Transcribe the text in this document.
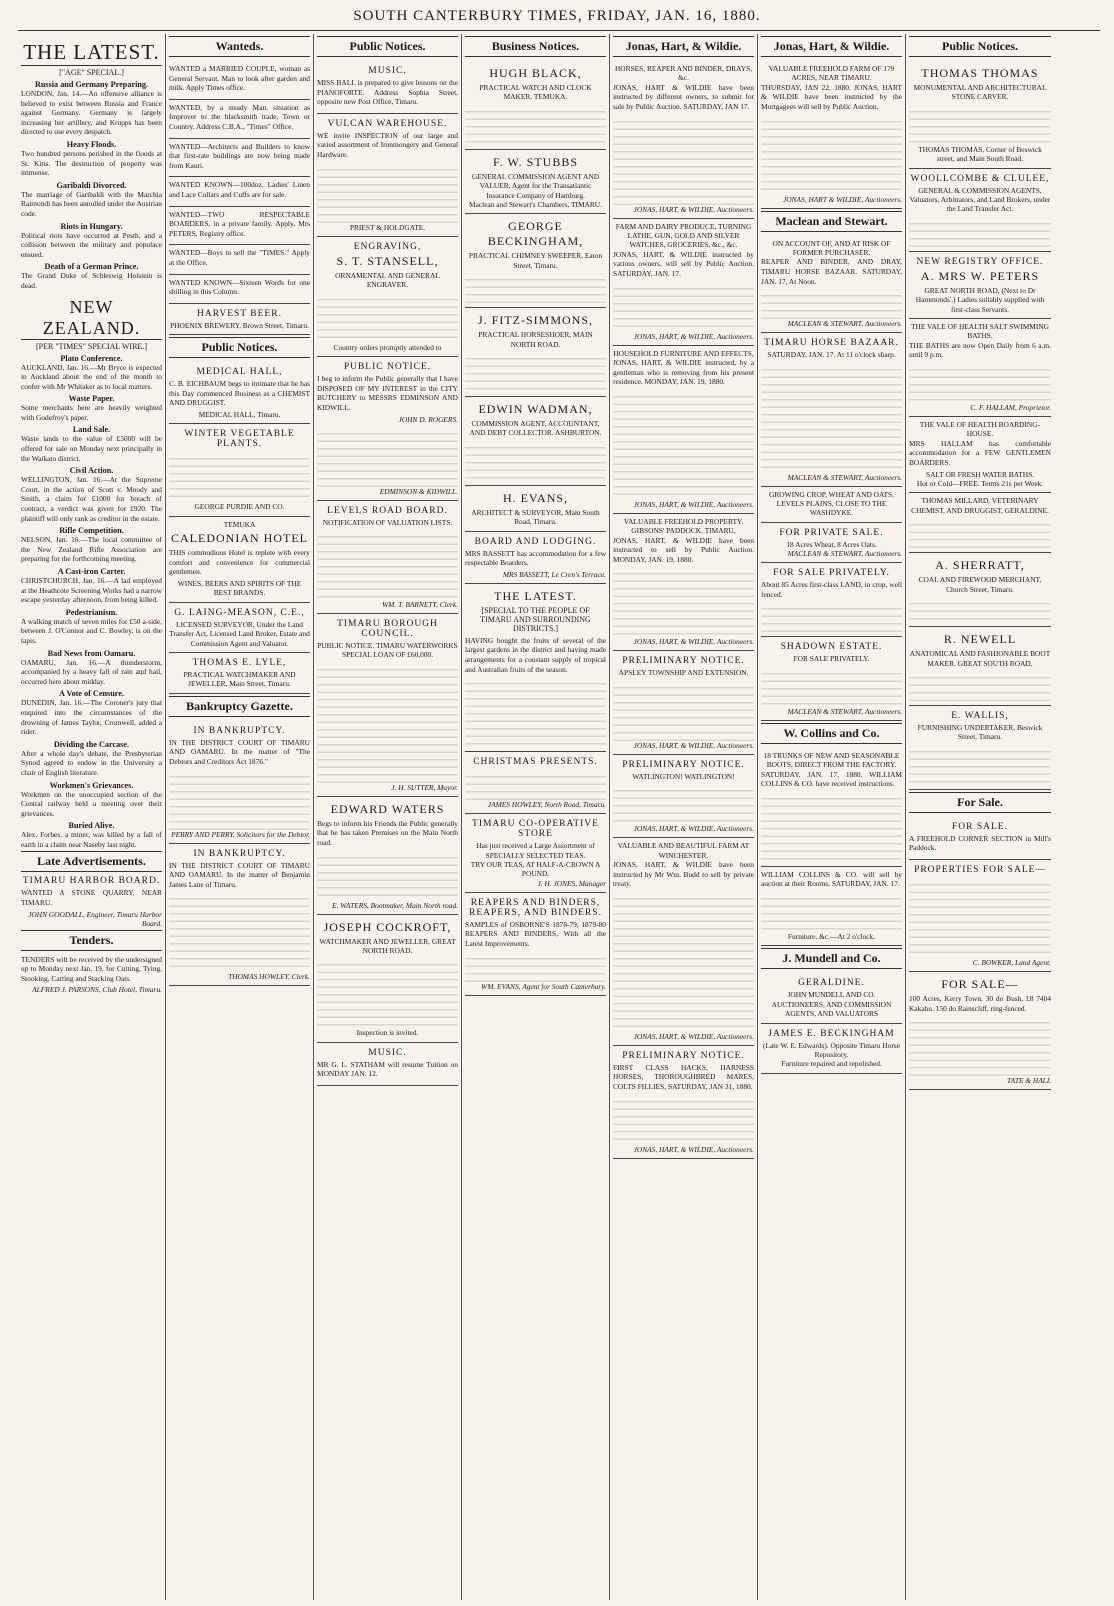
SOUTH CANTERBURY TIMES, FRIDAY, JAN. 16, 1880.
THE LATEST.
["AGE" SPECIAL.]
Russia and Germany Preparing.
LONDON, Jan. 14.—An offensive alliance is believed to exist between Russia and France against Germany. Germany is largely increasing her artillery, and Krupps has been directed to use every despatch.
Heavy Floods.
Two hundred persons perished in the floods at St. Kitts. The destruction of property was immense.
Garibaldi Divorced.
The marriage of Garibaldi with the Marchia Raimondi has been annulled under the Austrian code.
Riots in Hungary.
Political riots have occurred at Pesth, and a collision between the military and populace ensued.
Death of a German Prince.
The Grand Duke of Schleswig Holstein is dead.
NEW ZEALAND.
[PER "TIMES" SPECIAL WIRE.]
Plato Conference.
AUCKLAND, Jan. 16.—Mr Bryce is expected in Auckland about the end of the month to confer with Mr Whitaker as to local matters.
Waste Paper.
Some merchants here are heavily weighted with Godefroy's paper.
Land Sale.
Waste lands to the value of £5000 will be offered for sale on Monday next principally in the Waikato district.
Civil Action.
WELLINGTON, Jan. 16.—At the Supreme Court, in the action of Scott v. Moody and Smith, a claim for £1000 for breach of contract, a verdict was given for £920. The plaintiff will only rank as creditor in the estate.
Rifle Competition.
NELSON, Jan. 16.—The local committee of the New Zealand Rifle Association are preparing for the forthcoming meeting.
A Cast-iron Carter.
CHRISTCHURCH, Jan. 16.—A lad employed at the Heathcote Screening Works had a narrow escape yesterday afternoon, from being killed.
Pedestrianism.
A walking match of seven miles for £50 a-side, between J. O'Connor and C. Bowley, is on the tapis.
Bad News from Oamaru.
OAMARU, Jan. 16.—A thunderstorm, accompanied by a heavy fall of rain and hail, occurred here about midday.
A Vote of Censure.
DUNEDIN, Jan. 16.—The Coroner's jury that enquired into the circumstances of the drowning of James Taylor, Cromwell, added a rider.
Dividing the Carcase.
After a whole day's debate, the Presbyterian Synod agreed to endow in the University a chair of English literature.
Workmen's Grievances.
Workmen on the unoccupied section of the Central railway held a meeting over their grievances.
Buried Alive.
Alex. Forbes, a miner, was killed by a fall of earth in a claim near Naseby last night.
Late Advertisements.
TIMARU HARBOR BOARD.
WANTED A STONE QUARRY, NEAR TIMARU.
JOHN GOODALL, Engineer, Timaru Harbor Board.
Tenders.
TENDERS will be received by the undersigned up to Monday next Jan. 19, for Cutting, Tying, Stooking, Carting and Stacking Oats.
ALFRED J. PARSONS, Club Hotel, Timaru.
Wanteds.
WANTED a MARRIED COUPLE, woman as General Servant. Man to look after garden and milk. Apply Times office.
WANTED, by a steady Man, situation as Improver to the blacksmith trade, Town or Country. Address C.B.A., "Times" Office.
WANTED—Architects and Builders to know that first-rate buildings are now being made from Kauri.
WANTED KNOWN—100doz. Ladies' Linen and Lace Collars and Cuffs are for sale.
WANTED—TWO RESPECTABLE BOARDERS, in a private family. Apply, Mrs PETERS, Registry office.
WANTED—Boys to sell the "TIMES." Apply at the Office.
WANTED KNOWN—Sixteen Words for one shilling in this Column.
HARVEST BEER.
PHOENIX BREWERY, Brown Street, Timaru.
Public Notices.
MEDICAL HALL,
C. B. EICHBAUM begs to intimate that he has this Day commenced Business as a CHEMIST AND DRUGGIST.
MEDICAL HALL, Timaru.
WINTER VEGETABLE PLANTS.
GEORGE PURDIE AND CO.
TEMUKA
CALEDONIAN HOTEL
THIS commodious Hotel is replete with every comfort and convenience for commercial gentlemen.
WINES, BEERS AND SPIRITS OF THE BEST BRANDS.
G. LAING-MEASON, C.E.,
LICENSED SURVEYOR, Under the Land Transfer Act, Licensed Land Broker, Estate and Commission Agent and Valuator.
THOMAS E. LYLE,
PRACTICAL WATCHMAKER AND JEWELLER, Main Street, Timaru.
Bankruptcy Gazette.
IN BANKRUPTCY.
IN THE DISTRICT COURT OF TIMARU AND OAMARU. In the matter of "The Debtors and Creditors Act 1876."
PERRY AND PERRY, Solicitors for the Debtor.
IN BANKRUPTCY.
IN THE DISTRICT COURT OF TIMARU AND OAMARU. In the matter of Benjamin James Lane of Timaru.
THOMAS HOWLEY, Clerk.
Public Notices.
MUSIC.
MISS BALL is prepared to give lessons on the PIANOFORTE. Address Sophia Street, opposite new Post Office, Timaru.
VULCAN WAREHOUSE.
WE invite INSPECTION of our large and varied assortment of Ironmongery and General Hardware.
PRIEST & HOLDGATE.
ENGRAVING,
S. T. STANSELL,
ORNAMENTAL AND GENERAL ENGRAVER.
Country orders promptly attended to
PUBLIC NOTICE.
I beg to inform the Public generally that I have DISPOSED OF MY INTEREST in the CITY BUTCHERY to MESSRS EDMINSON AND KIDWILL.
JOHN D. ROGERS.
EDMINSON & KIDWILL.
LEVELS ROAD BOARD.
NOTIFICATION OF VALUATION LISTS.
WM. T. BARNETT, Clerk.
TIMARU BOROUGH COUNCIL.
PUBLIC NOTICE. TIMARU WATERWORKS SPECIAL LOAN OF £60,000.
J. H. SUTTER, Mayor.
EDWARD WATERS
Begs to inform his Friends the Public generally that he has taken Premises on the Main North road.
E. WATERS, Bootmaker, Main North road.
JOSEPH COCKROFT,
WATCHMAKER AND JEWELLER, GREAT NORTH ROAD.
Inspection is invited.
MUSIC.
MR G. L. STATHAM will resume Tuition on MONDAY JAN. 12.
Business Notices.
HUGH BLACK,
PRACTICAL WATCH AND CLOCK MAKER, TEMUKA.
F. W. STUBBS
GENERAL COMMISSION AGENT AND VALUER, Agent for the Transatlantic Insurance Company of Hamburg.
Maclean and Stewart's Chambers, TIMARU.
GEORGE BECKINGHAM,
PRACTICAL CHIMNEY SWEEPER, Eaton Street, Timaru.
J. FITZ-SIMMONS,
PRACTICAL HORSESHOER, MAIN NORTH ROAD.
EDWIN WADMAN,
COMMISSION AGENT, ACCOUNTANT, AND DEBT COLLECTOR. ASHBURTON.
H. EVANS,
ARCHITECT & SURVEYOR, Main South Road, Timaru.
BOARD AND LODGING.
MRS BASSETT has accommodation for a few respectable Boarders.
MRS BASSETT, Le Cren's Terrace.
THE LATEST.
[SPECIAL TO THE PEOPLE OF TIMARU AND SURROUNDING DISTRICTS.]
HAVING bought the fruits of several of the largest gardens in the district and having made arrangements for a constant supply of tropical and Australian fruits of the season.
CHRISTMAS PRESENTS.
JAMES HOWLEY, North Road, Timaru.
TIMARU CO-OPERATIVE STORE
Has just received a Large Assortment of SPECIALLY SELECTED TEAS.
TRY OUR TEAS, AT HALF-A-CROWN A POUND.
J. H. JONES, Manager
REAPERS AND BINDERS, REAPERS, AND BINDERS.
SAMPLES of OSBORNE'S 1878-79, 1879-80 REAPERS AND BINDERS, With all the Latest Improvements.
WM. EVANS, Agent for South Canterbury.
Jonas, Hart, & Wildie.
HORSES, REAPER AND BINDER, DRAYS, &c.
JONAS, HART & WILDIE have been instructed by different owners, to submit for sale by Public Auction. SATURDAY, JAN 17.
JONAS, HART, & WILDIE, Auctioneers.
FARM AND DAIRY PRODUCE, TURNING LATHE, GUN, GOLD AND SILVER WATCHES, GROCERIES, &c., &c.
JONAS, HART, & WILDIE instructed by various owners, will sell by Public Auction. SATURDAY, JAN. 17.
JONAS, HART, & WILDIE, Auctioneers.
HOUSEHOLD FURNITURE AND EFFECTS,
JONAS, HART, & WILDIE instructed, by a gentleman who is removing from his present residence. MONDAY, JAN. 19, 1880.
JONAS, HART, & WILDIE, Auctioneers.
VALUABLE FREEHOLD PROPERTY. GIBSONS' PADDOCK, TIMARU,
JONAS, HART, & WILDIE have been instructed to sell by Public Auction. MONDAY, JAN. 19, 1880.
JONAS, HART, & WILDIE, Auctioneers.
PRELIMINARY NOTICE.
APSLEY TOWNSHIP AND EXTENSION.
JONAS, HART, & WILDIE, Auctioneers.
PRELIMINARY NOTICE.
WATLINGTON! WATLINGTON!
JONAS, HART, & WILDIE, Auctioneers.
VALUABLE AND BEAUTIFUL FARM AT WINCHESTER.
JONAS, HART, & WILDIE have been instructed by Mr Wm. Budd to sell by private treaty.
JONAS, HART, & WILDIE, Auctioneers.
PRELIMINARY NOTICE.
FIRST CLASS HACKS, HARNESS HORSES, THOROUGHBRED MARES, COLTS FILLIES, SATURDAY, JAN 31, 1880.
JONAS, HART, & WILDIE, Auctioneers.
Jonas, Hart, & Wildie.
VALUABLE FREEHOLD FARM OF 179 ACRES, NEAR TIMARU.
THURSDAY, JAN 22, 1880. JONAS, HART & WILDIE have been instructed by the Mortgagees will sell by Public Auction.
JONAS, HART & WILDIE, Auctioneers.
Maclean and Stewart.
ON ACCOUNT OF, AND AT RISK OF FORMER PURCHASER.
REAPER AND BINDER, AND DRAY, TIMARU HORSE BAZAAR. SATURDAY, JAN. 17, At Noon.
MACLEAN & STEWART, Auctioneers.
TIMARU HORSE BAZAAR.
SATURDAY, JAN. 17. At 11 o'clock sharp.
MACLEAN & STEWART, Auctioneers.
GROWING CROP, WHEAT AND OATS.
LEVELS PLAINS, CLOSE TO THE WASHDYKE.
FOR PRIVATE SALE.
18 Acres Wheat, 8 Acres Oats.
MACLEAN & STEWART, Auctioneers.
FOR SALE PRIVATELY.
About 85 Acres first-class LAND, in crop, well fenced.
SHADOWN ESTATE.
FOR SALE PRIVATELY.
MACLEAN & STEWART, Auctioneers.
W. Collins and Co.
18 TRUNKS OF NEW AND SEASONABLE BOOTS, DIRECT FROM THE FACTORY.
SATURDAY, JAN. 17, 1880. WILLIAM COLLINS & CO. have received instructions.
WILLIAM COLLINS & CO. will sell by auction at their Rooms, SATURDAY, JAN. 17.
Furniture, &c.—At 2 o'clock.
J. Mundell and Co.
GERALDINE.
JOHN MUNDELL AND CO. AUCTIONEERS, AND COMMISSION AGENTS, AND VALUATORS
JAMES E. BECKINGHAM
(Late W. E. Edwards). Opposite Timaru Horse Repository.
Furniture repaired and repolished.
Public Notices.
THOMAS THOMAS
MONUMENTAL AND ARCHITECTURAL STONE CARVER.
THOMAS THOMAS, Corner of Beswick street, and Main South Road.
WOOLLCOMBE & CLULEE,
GENERAL & COMMISSION AGENTS, Valuators, Arbitrators, and Land Brokers, under the Land Transfer Act.
NEW REGISTRY OFFICE.
A. MRS W. PETERS
GREAT NORTH ROAD, (Next to Dr Hammonds'.) Ladies suitably supplied with first-class Servants.
THE VALE OF HEALTH SALT SWIMMING BATHS.
THE BATHS are now Open Daily from 6 a.m. until 9 p.m.
C. F. HALLAM, Proprietor.
THE VALE OF HEALTH BOARDING-HOUSE.
MRS HALLAM has comfortable accommodation for a FEW GENTLEMEN BOARDERS.
SALT OR FRESH WATER BATHS.
Hot or Cold—FREE. Terms 21s per Week.
THOMAS MILLARD, VETERINARY CHEMIST, AND DRUGGIST, GERALDINE.
A. SHERRATT,
COAL AND FIREWOOD MERCHANT, Church Street, Timaru.
R. NEWELL
ANATOMICAL AND FASHIONABLE BOOT MAKER. GREAT SOUTH ROAD.
E. WALLIS,
FURNISHING UNDERTAKER, Beswick Street, Timaru.
For Sale.
FOR SALE.
A FREEHOLD CORNER SECTION in Mill's Paddock.
PROPERTIES FOR SALE—
C. BOWKER, Land Agent.
FOR SALE—
100 Acres, Kerry Town. 30 do Bush, £8 7404 Kakahu. 150 do Rainscliff, ring-fenced.
TATE & HALL
